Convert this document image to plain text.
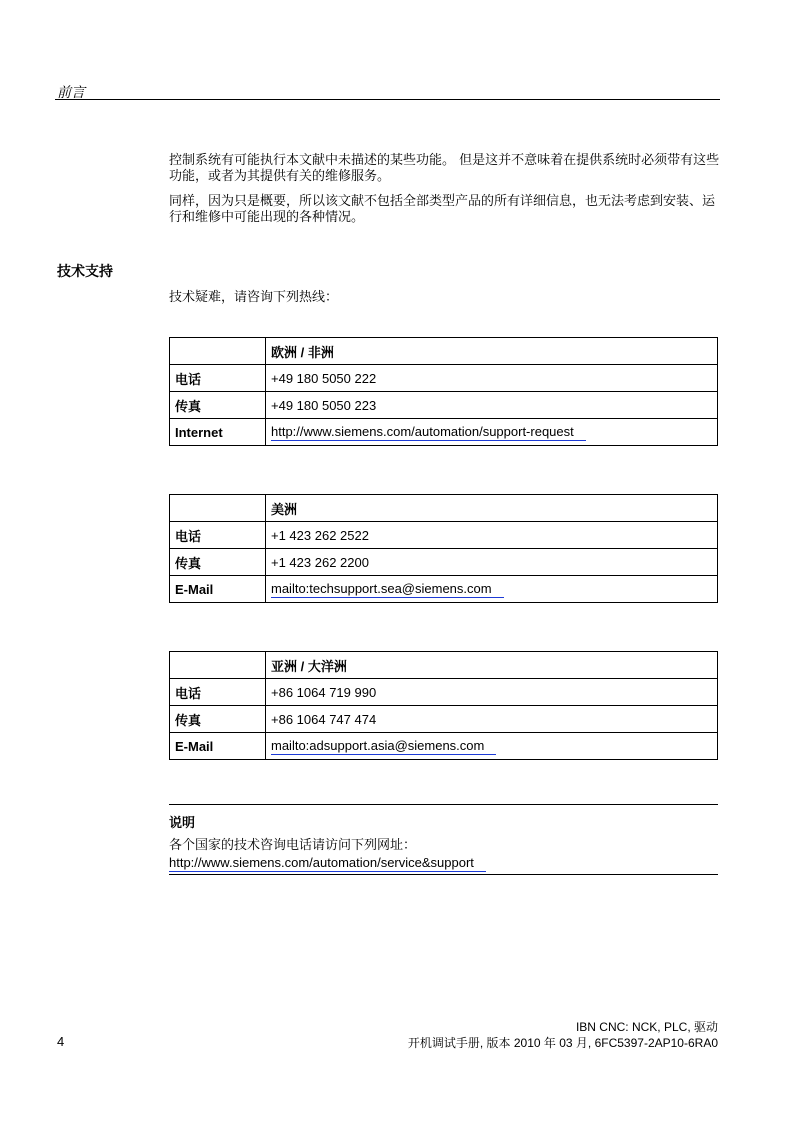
前言
控制系统有可能执行本文献中未描述的某些功能。 但是这并不意味着在提供系统时必须带有这些功能，或者为其提供有关的维修服务。
同样，因为只是概要，所以该文献不包括全部类型产品的所有详细信息，也无法考虑到安装、运行和维修中可能出现的各种情况。
技术支持
技术疑难，请咨询下列热线：
	欧洲 / 非洲
电话	+49 180 5050 222
传真	+49 180 5050 223
Internet	http://www.siemens.com/automation/support-request
	美洲
电话	+1 423 262 2522
传真	+1 423 262 2200
E-Mail	mailto:techsupport.sea@siemens.com
	亚洲 / 大洋洲
电话	+86 1064 719 990
传真	+86 1064 747 474
E-Mail	mailto:adsupport.asia@siemens.com
说明
各个国家的技术咨询电话请访问下列网址：
http://www.siemens.com/automation/service&support
4
IBN CNC: NCK, PLC, 驱动
开机调试手册, 版本 2010 年 03 月, 6FC5397-2AP10-6RA0
